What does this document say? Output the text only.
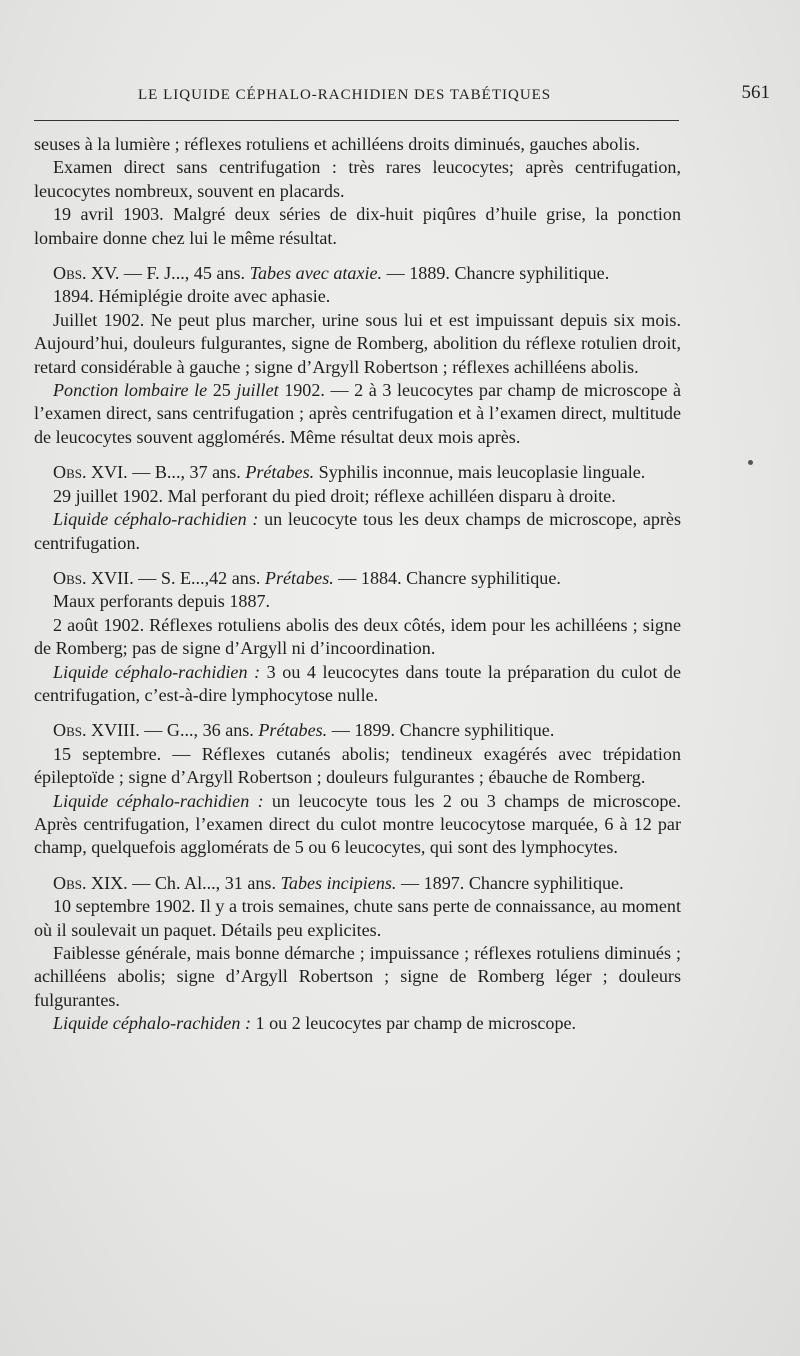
LE LIQUIDE CÉPHALO-RACHIDIEN DES TABÉTIQUES	561

seuses à la lumière ; réflexes rotuliens et achilléens droits diminués, gauches abolis.

Examen direct sans centrifugation : très rares leucocytes; après centrifugation, leucocytes nombreux, souvent en placards.

19 avril 1903. Malgré deux séries de dix-huit piqûres d’huile grise, la ponction lombaire donne chez lui le même résultat.

Obs. XV. — F. J..., 45 ans. Tabes avec ataxie. — 1889. Chancre syphilitique.

1894. Hémiplégie droite avec aphasie.

Juillet 1902. Ne peut plus marcher, urine sous lui et est impuissant depuis six mois. Aujourd’hui, douleurs fulgurantes, signe de Romberg, abolition du réflexe rotulien droit, retard considérable à gauche ; signe d’Argyll Robertson ; réflexes achilléens abolis.

Ponction lombaire le 25 juillet 1902. — 2 à 3 leucocytes par champ de microscope à l’examen direct, sans centrifugation ; après centrifugation et à l’examen direct, multitude de leucocytes souvent agglomérés. Même résultat deux mois après.

Obs. XVI. — B..., 37 ans. Prétabes. Syphilis inconnue, mais leucoplasie linguale.

29 juillet 1902. Mal perforant du pied droit; réflexe achilléen disparu à droite.

Liquide céphalo-rachidien : un leucocyte tous les deux champs de microscope, après centrifugation.

Obs. XVII. — S. E...,42 ans. Prétabes. — 1884. Chancre syphilitique.

Maux perforants depuis 1887.

2 août 1902. Réflexes rotuliens abolis des deux côtés, idem pour les achilléens ; signe de Romberg; pas de signe d’Argyll ni d’incoordination.

Liquide céphalo-rachidien : 3 ou 4 leucocytes dans toute la préparation du culot de centrifugation, c’est-à-dire lymphocytose nulle.

Obs. XVIII. — G..., 36 ans. Prétabes. — 1899. Chancre syphilitique.

15 septembre. — Réflexes cutanés abolis; tendineux exagérés avec trépidation épileptoïde ; signe d’Argyll Robertson ; douleurs fulgurantes ; ébauche de Romberg.

Liquide céphalo-rachidien : un leucocyte tous les 2 ou 3 champs de microscope. Après centrifugation, l’examen direct du culot montre leucocytose marquée, 6 à 12 par champ, quelquefois agglomérats de 5 ou 6 leucocytes, qui sont des lymphocytes.

Obs. XIX. — Ch. Al..., 31 ans. Tabes incipiens. — 1897. Chancre syphilitique.

10 septembre 1902. Il y a trois semaines, chute sans perte de connaissance, au moment où il soulevait un paquet. Détails peu explicites.

Faiblesse générale, mais bonne démarche ; impuissance ; réflexes rotuliens diminués ; achilléens abolis; signe d’Argyll Robertson ; signe de Romberg léger ; douleurs fulgurantes.

Liquide céphalo-rachiden : 1 ou 2 leucocytes par champ de microscope.
